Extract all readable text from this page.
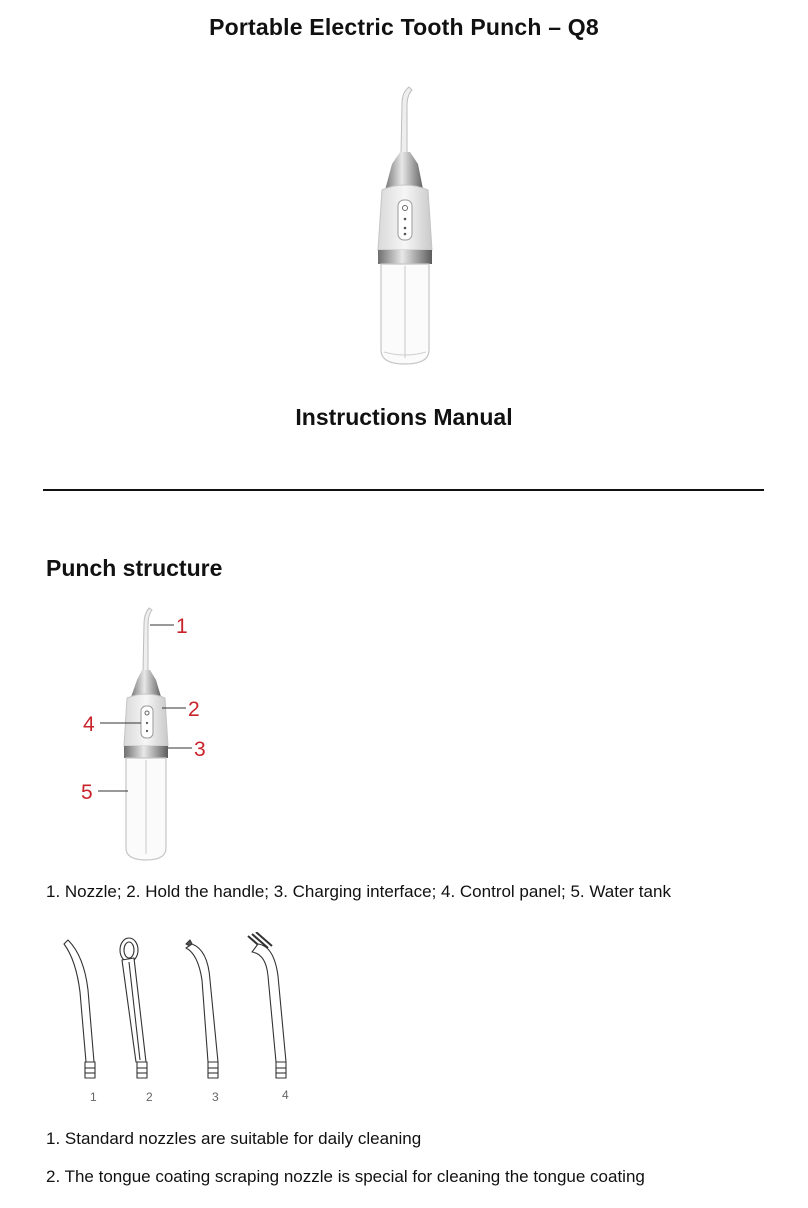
Portable Electric Tooth Punch – Q8
Instructions Manual
Punch structure
1
2
3
4
5
1. Nozzle; 2. Hold the handle; 3. Charging interface; 4. Control panel; 5. Water tank
1	2	3	4
1. Standard nozzles are suitable for daily cleaning
2. The tongue coating scraping nozzle is special for cleaning the tongue coating
